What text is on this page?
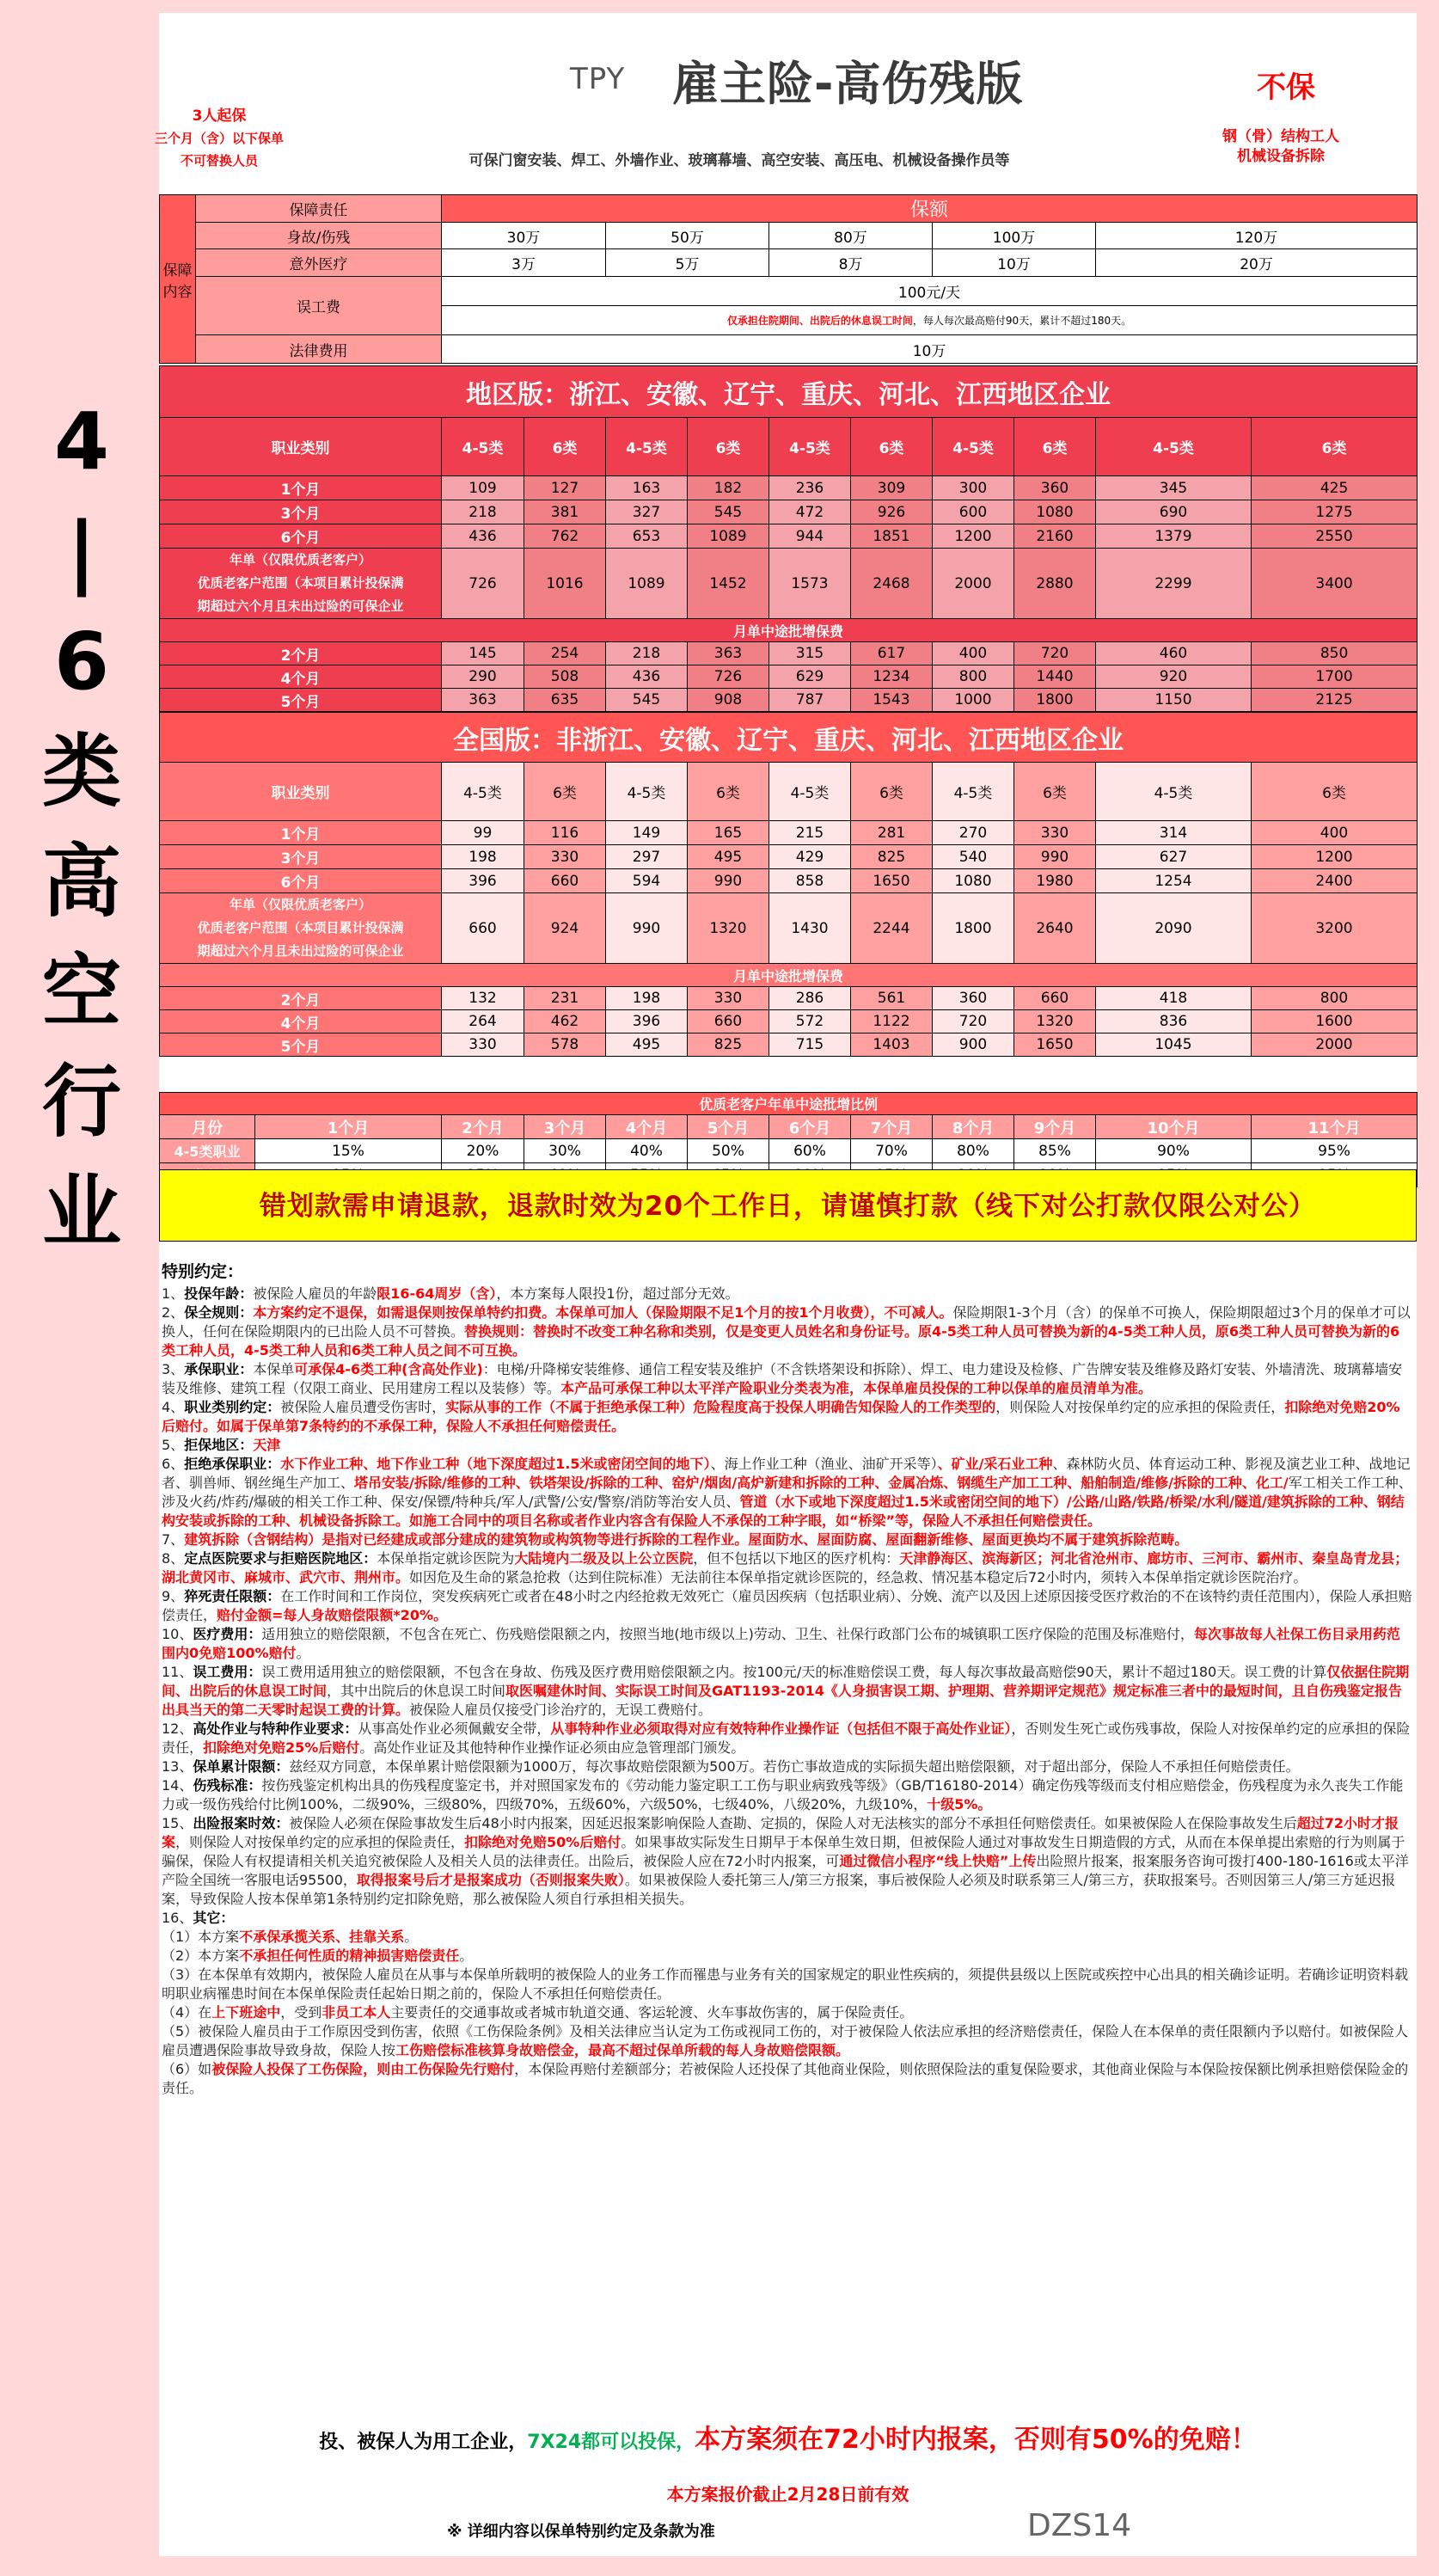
TPY 雇主险-高伤残版	不保
3人起保
三个月（含）以下保单
不可替换人员
钢（骨）结构工人
机械设备拆除
可保门窗安装、焊工、外墙作业、玻璃幕墙、高空安装、高压电、机械设备操作员等
4
|
6
类
高
空
行
业
保障内容	保障责任	保额				
	身故/伤残	30万	50万	80万	100万	120万
	意外医疗	3万	5万	8万	10万	20万
	误工费	100元/天				
		仅承担住院期间、出院后的休息误工时间，每人每次最高赔付90天，累计不超过180天。				
	法律费用	10万				
地区版：浙江、安徽、辽宁、重庆、河北、江西地区企业										
职业类别	4-5类	6类	4-5类	6类	4-5类	6类	4-5类	6类	4-5类	6类
1个月	109	127	163	182	236	309	300	360	345	425
3个月	218	381	327	545	472	926	600	1080	690	1275
6个月	436	762	653	1089	944	1851	1200	2160	1379	2550

年单（仅限优质老客户）
优质老客户范围（本项目累计投保满
期超过六个月且未出过险的可保企业	726	1016	1089	1452	1573	2468	2000	2880	2299	3400
月单中途批增保费										
2个月	145	254	218	363	315	617	400	720	460	850
4个月	290	508	436	726	629	1234	800	1440	920	1700
5个月	363	635	545	908	787	1543	1000	1800	1150	2125
全国版：非浙江、安徽、辽宁、重庆、河北、江西地区企业										
职业类别	4-5类	6类	4-5类	6类	4-5类	6类	4-5类	6类	4-5类	6类
1个月	99	116	149	165	215	281	270	330	314	400
3个月	198	330	297	495	429	825	540	990	627	1200
6个月	396	660	594	990	858	1650	1080	1980	1254	2400

年单（仅限优质老客户）
优质老客户范围（本项目累计投保满
期超过六个月且未出过险的可保企业	660	924	990	1320	1430	2244	1800	2640	2090	3200
月单中途批增保费										
2个月	132	231	198	330	286	561	360	660	418	800
4个月	264	462	396	660	572	1122	720	1320	836	1600
5个月	330	578	495	825	715	1403	900	1650	1045	2000
优质老客户年单中途批增比例											
月份	1个月	2个月	3个月	4个月	5个月	6个月	7个月	8个月	9个月	10个月	11个月
4-5类职业	15%	20%	30%	40%	50%	60%	70%	80%	85%	90%	95%

错划款需申请退款，退款时效为20个工作日，请谨慎打款（线下对公打款仅限公对公）
特别约定：

1、投保年龄：被保险人雇员的年龄限16-64周岁（含），本方案每人限投1份，超过部分无效。

2、保全规则：本方案约定不退保，如需退保则按保单特约扣费。本保单可加人（保险期限不足1个月的按1个月收费），不可减人。保险期限1-3个月（含）的保单不可换人，保险期限超过3个月的保单才可以换人，任何在保险期限内的已出险人员不可替换。替换规则：替换时不改变工种名称和类别，仅是变更人员姓名和身份证号。原4-5类工种人员可替换为新的4-5类工种人员，原6类工种人员可替换为新的6类工种人员，4-5类工种人员和6类工种人员之间不可互换。

3、承保职业：本保单可承保4-6类工种(含高处作业)：电梯/升降梯安装维修、通信工程安装及维护（不含铁塔架设和拆除）、焊工、电力建设及检修、广告牌安装及维修及路灯安装、外墙清洗、玻璃幕墙安装及维修、建筑工程（仅限工商业、民用建房工程以及装修）等。本产品可承保工种以太平洋产险职业分类表为准，本保单雇员投保的工种以保单的雇员清单为准。

4、职业类别约定：被保险人雇员遭受伤害时，实际从事的工作（不属于拒绝承保工种）危险程度高于投保人明确告知保险人的工作类型的，则保险人对按保单约定的应承担的保险责任，扣除绝对免赔20%后赔付。如属于保单第7条特约的不承保工种，保险人不承担任何赔偿责任。

5、拒保地区：天津

6、拒绝承保职业：水下作业工种、地下作业工种（地下深度超过1.5米或密闭空间的地下）、海上作业工种（渔业、油矿开采等）、矿业/采石业工种、森林防火员、体育运动工种、影视及演艺业工种、战地记者、驯兽师、钢丝绳生产加工、塔吊安装/拆除/维修的工种、铁塔架设/拆除的工种、窑炉/烟囱/高炉新建和拆除的工种、金属冶炼、钢缆生产加工工种、船舶制造/维修/拆除的工种、化工/军工相关工作工种、涉及火药/炸药/爆破的相关工作工种、保安/保镖/特种兵/军人/武警/公安/警察/消防等治安人员、管道（水下或地下深度超过1.5米或密闭空间的地下）/公路/山路/铁路/桥梁/水利/隧道/建筑拆除的工种、钢结构安装或拆除的工种、机械设备拆除工。如施工合同中的项目名称或者作业内容含有保险人不承保的工种字眼，如“桥梁”等，保险人不承担任何赔偿责任。

7、建筑拆除（含钢结构）是指对已经建成或部分建成的建筑物或构筑物等进行拆除的工程作业。屋面防水、屋面防腐、屋面翻新维修、屋面更换均不属于建筑拆除范畴。

8、定点医院要求与拒赔医院地区：本保单指定就诊医院为大陆境内二级及以上公立医院，但不包括以下地区的医疗机构：天津静海区、滨海新区；河北省沧州市、廊坊市、三河市、霸州市、秦皇岛青龙县；湖北黄冈市、麻城市、武穴市、荆州市。如因危及生命的紧急抢救（达到住院标准）无法前往本保单指定就诊医院的，经急救、情况基本稳定后72小时内，须转入本保单指定就诊医院治疗。

9、猝死责任限额：在工作时间和工作岗位，突发疾病死亡或者在48小时之内经抢救无效死亡（雇员因疾病（包括职业病）、分娩、流产以及因上述原因接受医疗救治的不在该特约责任范围内），保险人承担赔偿责任，赔付金额=每人身故赔偿限额*20%。

10、医疗费用：适用独立的赔偿限额，不包含在死亡、伤残赔偿限额之内，按照当地(地市级以上)劳动、卫生、社保行政部门公布的城镇职工医疗保险的范围及标准赔付，每次事故每人社保工伤目录用药范围内0免赔100%赔付。

11、误工费用：误工费用适用独立的赔偿限额，不包含在身故、伤残及医疗费用赔偿限额之内。按100元/天的标准赔偿误工费，每人每次事故最高赔偿90天，累计不超过180天。误工费的计算仅依据住院期间、出院后的休息误工时间，其中出院后的休息误工时间取医嘱建休时间、实际误工时间及GAT1193-2014《人身损害误工期、护理期、营养期评定规范》规定标准三者中的最短时间，且自伤残鉴定报告出具当天的第二天零时起误工费的计算。被保险人雇员仅接受门诊治疗的，无误工费赔付。

12、高处作业与特种作业要求：从事高处作业必须佩戴安全带，从事特种作业必须取得对应有效特种作业操作证（包括但不限于高处作业证），否则发生死亡或伤残事故，保险人对按保单约定的应承担的保险责任，扣除绝对免赔25%后赔付。高处作业证及其他特种作业操作证必须由应急管理部门颁发。

13、保单累计限额：兹经双方同意，本保单累计赔偿限额为1000万，每次事故赔偿限额为500万。若伤亡事故造成的实际损失超出赔偿限额，对于超出部分，保险人不承担任何赔偿责任。

14、伤残标准：按伤残鉴定机构出具的伤残程度鉴定书，并对照国家发布的《劳动能力鉴定职工工伤与职业病致残等级》（GB/T16180-2014）确定伤残等级而支付相应赔偿金，伤残程度为永久丧失工作能力或一级伤残给付比例100%，二级90%，三级80%，四级70%，五级60%，六级50%，七级40%，八级20%，九级10%，十级5%。

15、出险报案时效：被保险人必须在保险事故发生后48小时内报案，因延迟报案影响保险人查勘、定损的，保险人对无法核实的部分不承担任何赔偿责任。如果被保险人在保险事故发生后超过72小时才报案，则保险人对按保单约定的应承担的保险责任，扣除绝对免赔50%后赔付。如果事故实际发生日期早于本保单生效日期，但被保险人通过对事故发生日期造假的方式，从而在本保单提出索赔的行为则属于骗保，保险人有权提请相关机关追究被保险人及相关人员的法律责任。出险后，被保险人应在72小时内报案，可通过微信小程序“线上快赔”上传出险照片报案，报案服务咨询可拨打400-180-1616或太平洋产险全国统一客服电话95500，取得报案号后才是报案成功（否则报案失败）。如果被保险人委托第三人/第三方报案，事后被保险人必须及时联系第三人/第三方，获取报案号。否则因第三人/第三方延迟报案，导致保险人按本保单第1条特别约定扣除免赔，那么被保险人须自行承担相关损失。

16、其它：

（1）本方案不承保承揽关系、挂靠关系。

（2）本方案不承担任何性质的精神损害赔偿责任。

（3）在本保单有效期内，被保险人雇员在从事与本保单所载明的被保险人的业务工作而罹患与业务有关的国家规定的职业性疾病的，须提供县级以上医院或疾控中心出具的相关确诊证明。若确诊证明资料载明职业病罹患时间在本保单保险责任起始日期之前的，保险人不承担任何赔偿责任。

（4）在上下班途中，受到非员工本人主要责任的交通事故或者城市轨道交通、客运轮渡、火车事故伤害的，属于保险责任。

（5）被保险人雇员由于工作原因受到伤害，依照《工伤保险条例》及相关法律应当认定为工伤或视同工伤的，对于被保险人依法应承担的经济赔偿责任，保险人在本保单的责任限额内予以赔付。如被保险人雇员遭遇保险事故导致身故，保险人按工伤赔偿标准核算身故赔偿金，最高不超过保单所载的每人身故赔偿限额。

（6）如被保险人投保了工伤保险，则由工伤保险先行赔付，本保险再赔付差额部分；若被保险人还投保了其他商业保险，则依照保险法的重复保险要求，其他商业保险与本保险按保额比例承担赔偿保险金的责任。

投、被保人为用工企业，7X24都可以投保，本方案须在72小时内报案，否则有50%的免赔！
本方案报价截止2月28日前有效
※ 详细内容以保单特别约定及条款为准	DZS14
